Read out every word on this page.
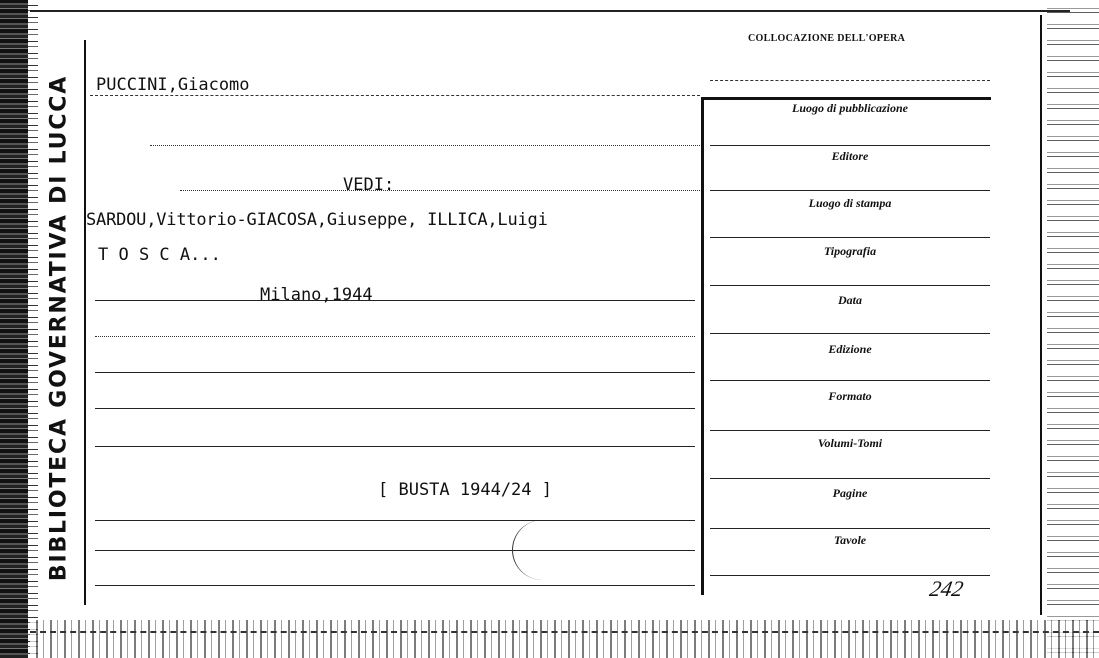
BIBLIOTECA GOVERNATIVA DI LUCCA
COLLOCAZIONE DELL'OPERA
PUCCINI,Giacomo
VEDI:
SARDOU,Vittorio-GIACOSA,Giuseppe, ILLICA,Luigi
T O S C A...
Milano,1944
[ BUSTA 1944/24 ]
Luogo di pubblicazione
Editore
Luogo di stampa
Tipografia
Data
Edizione
Formato
Volumi-Tomi
Pagine
Tavole
242
